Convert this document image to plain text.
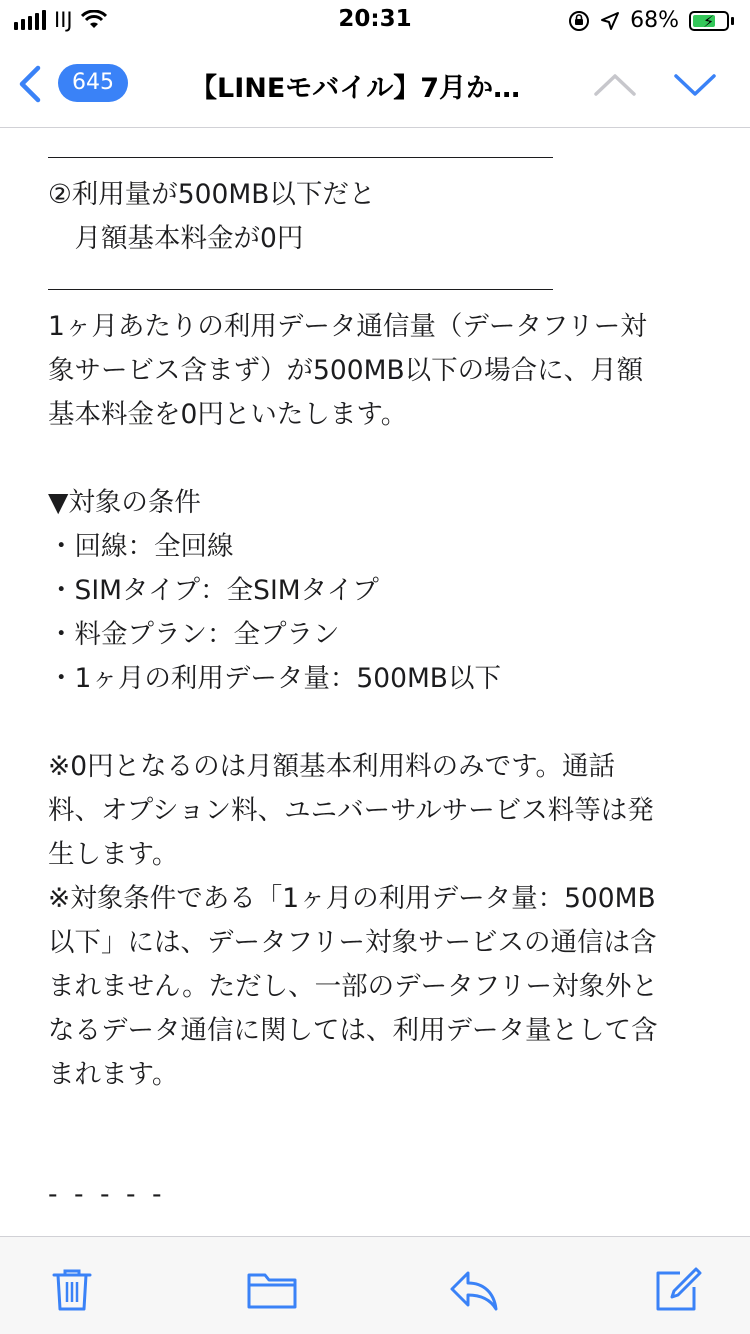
IIJ	20:31	68% ⚡
645	【LINEモバイル】7月か…
②利用量が500MB以下だと
　月額基本料金が0円
1ヶ月あたりの利用データ通信量（データフリー対
象サービス含まず）が500MB以下の場合に、月額
基本料金を0円といたします。
▼対象の条件
・回線：全回線
・SIMタイプ：全SIMタイプ
・料金プラン：全プラン
・1ヶ月の利用データ量：500MB以下
※0円となるのは月額基本利用料のみです。通話
料、オプション料、ユニバーサルサービス料等は発
生します。
※対象条件である「1ヶ月の利用データ量：500MB
以下」には、データフリー対象サービスの通信は含
まれません。ただし、一部のデータフリー対象外と
なるデータ通信に関しては、利用データ量として含
まれます。
- - - - -
